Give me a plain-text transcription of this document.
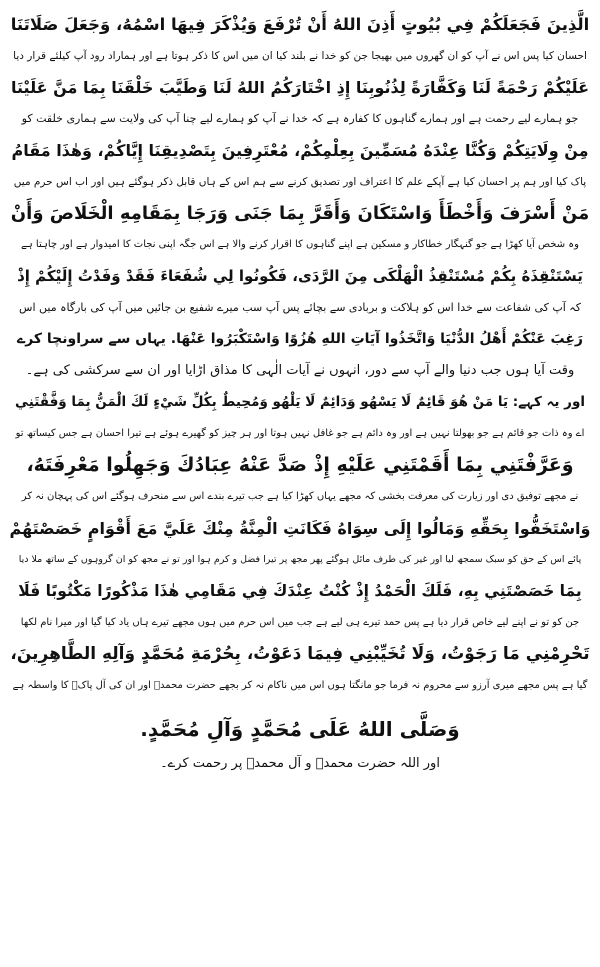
الَّذِينَ فَجَعَلَكُمْ فِي بُيُوتٍ أَذِنَ اللهُ أَنْ تُرْفَعَ وَيُذْكَرَ فِيهَا اسْمُهُ، وَجَعَلَ صَلَاتَنَا
احسان کیا پس اس نے آپ کو ان گھروں میں بھیجا جن کو خدا نے بلند کیا ان میں اس کا ذکر ہوتا ہے اور ہماراد رود آپ کیلئے قرار دیا
عَلَيْكُمْ رَحْمَةً لَنَا وَكَفَّارَةً لِذُنُوبِنَا إِذِ اخْتَارَكُمُ اللهُ لَنَا وَطَيَّبَ خَلْقَنَا بِمَا مَنَّ عَلَيْنَا
جو ہمارے لیے رحمت ہے اور ہمارے گناہوں کا کفارہ ہے کہ خدا نے آپ کو ہمارے لیے چنا آپ کی ولایت سے ہماری خلقت کو
مِنْ وِلَايَتِكُمْ وَكُنَّا عِنْدَهُ مُسَمِّينَ بِعِلْمِكُمْ، مُعْتَرِفِينَ بِتَصْدِيقِنَا إِيَّاكُمْ، وَهٰذَا مَقَامُ
پاک کیا اور ہم پر احسان کیا ہے آپکے علم کا اعتراف اور تصدیق کرنے سے ہم اس کے ہاں قابل ذکر ہوگئے ہیں اور اب اس حرم میں
مَنْ أَسْرَفَ وَأَخْطَأَ وَاسْتَكَانَ وَأَقَرَّ بِمَا جَنَى وَرَجَا بِمَقَامِهِ الْخَلَاصَ وَأَنْ
وہ شخص آیا کھڑا ہے جو گنہگار خطاکار و مسکین ہے اپنے گناہوں کا اقرار کرنے والا ہے اس جگہ اپنی نجات کا امیدوار ہے اور چاہتا ہے
يَسْتَنْقِذَهُ بِكُمْ مُسْتَنْقِذُ الْهَلْكَى مِنَ الرَّدَى، فَكُونُوا لِي شُفَعَاءَ فَقَدْ وَفَدْتُ إِلَيْكُمْ إِذْ
کہ آپ کی شفاعت سے خدا اس کو ہلاکت و بربادی سے بچائے پس آپ سب میرے شفیع بن جائیں میں آپ کی بارگاہ میں اس
رَغِبَ عَنْكُمْ أَهْلُ الدُّنْيَا وَاتَّخَذُوا آيَاتِ اللهِ هُزُوًا وَاسْتَكْبَرُوا عَنْهَا. یہاں سے سراونچا کرے
وقت آیا ہوں جب دنیا والے آپ سے دور، انہوں نے آیات الٰہی کا مذاق اڑایا اور ان سے سرکشی کی ہے۔
اور یہ کہے: يَا مَنْ هُوَ قَائِمٌ لَا يَسْهُو وَدَائِمٌ لَا يَلْهُو وَمُحِيطٌ بِكُلِّ شَيْءٍ لَكَ الْمَنُّ بِمَا وَفَّقْتَنِي
اے وہ ذات جو قائم ہے جو بھولتا نہیں ہے اور وہ دائم ہے جو غافل نہیں ہوتا اور ہر چیز کو گھیرے ہوئے ہے تیرا احسان ہے جس کیساتھ تو
وَعَرَّفْتَنِي بِمَا أَقَمْتَنِي عَلَيْهِ إِذْ صَدَّ عَنْهُ عِبَادُكَ وَجَهِلُوا مَعْرِفَتَهُ،
نے مجھے توفیق دی اور زیارت کی معرفت بخشی کہ مجھے یہاں کھڑا کیا ہے جب تیرے بندے اس سے منحرف ہوگئے اس کی پہچان نہ کر
وَاسْتَخَفُّوا بِحَقِّهِ وَمَالُوا إِلَى سِوَاهُ فَكَانَتِ الْمِنَّةُ مِنْكَ عَلَيَّ مَعَ أَقْوَامٍ خَصَصْتَهُمْ
پائے اس کے حق کو سبک سمجھ لیا اور غیر کی طرف مائل ہوگئے پھر مجھ پر تیرا فضل و کرم ہوا اور تو نے مجھ کو ان گروہوں کے ساتھ ملا دیا
بِمَا خَصَصْتَنِي بِهِ، فَلَكَ الْحَمْدُ إِذْ كُنْتُ عِنْدَكَ فِي مَقَامِي هٰذَا مَذْكُورًا مَكْتُوبًا فَلَا
جن کو تو نے اپنے لیے خاص قرار دیا ہے پس حمد تیرے ہی لیے ہے جب میں اس حرم میں ہوں مجھے تیرے ہاں یاد کیا گیا اور میرا نام لکھا
تَحْرِمْنِي مَا رَجَوْتُ، وَلَا تُخَيِّبْنِي فِيمَا دَعَوْتُ، بِحُرْمَةِ مُحَمَّدٍ وَآلِهِ الطَّاهِرِينَ،
گیا ہے پس مجھے میری آرزو سے محروم نہ فرما جو مانگتا ہوں اس میں ناکام نہ کر بجھے حضرت محمدؐ اور ان کی آل پاکؑ کا واسطہ ہے
وَصَلَّى اللهُ عَلَى مُحَمَّدٍ وَآلِ مُحَمَّدٍ.
اور اللہ حضرت محمدؐ و آل محمدؐ پر رحمت کرے۔
